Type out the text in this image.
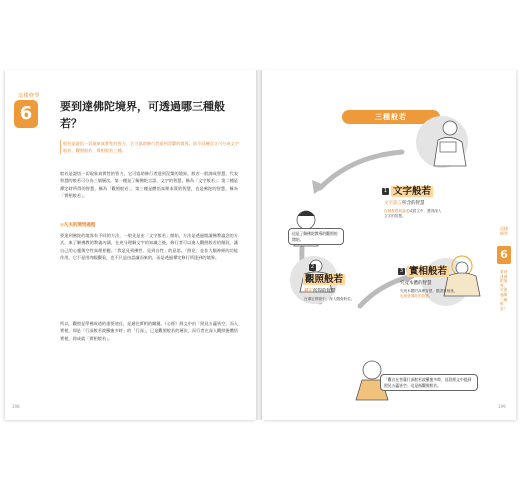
這樣修學
6	要到達佛陀境界，可透過哪三種般若？

般若是證悟一切現象真實性的智力，它可協助修行者達到涅槃的境界。依不同層次又可分成文字般若、觀照般若、實相般若三種。

般若是證悟一切現象真實性的智力，它可協助修行者達到涅槃的境界。般若一般譯成智慧，代表智慧的般若可分為三個層次，第一種是了解佛陀言語、文字的智慧，稱為「文字般若」；第二種是禪定時所得的智慧，稱為「觀照般若」；第三種是體悟真理本質的智慧，也是佛陀的智慧，稱為「實相般若」。

◎凡夫的開悟過程

要達到佛陀的境界有不同的方法，一般先是由「文字般若」開始，方法是透過閱讀佛教論念的方式，來了解佛教的教義內涵，在充分理解文字的知識之後，修行者可以進入觀照般若的階段，讓自己的心靈與空性真理相應。「我是見到佛性、見到自性」的意思。「照見」並非大腦神經的功能作用，它不是用肉眼觀看，也不只是由認識而來的，而是透過禪定修行所達到的境界。

所以，觀照是學佛成道的重要途徑，是通往實相的關鍵。《心經》經文中由「照見五蘊皆空」而入實相，即是「行深般若波羅蜜多時」的「行深」，已是觀照般若的層次，而行者在深入觀照後體悟實相，即成就「實相般若」。

198
三種般若
1 文字般若
文字語言所含的智慧
在佛教經典論述或經文中，獲得深入文字的智慧。
2
觀照般若
禪定所得的智慧
在禪定實踐中，深入體會般若。
3 實相般若
究竟本體的智慧
究竟本體的真理智慧，體證實相後，也就是佛陀的智慧。
這是了解佛陀教導的觀照的開始。
「觀自在菩薩行深般若波羅蜜多時，這段經文中提到照見五蘊皆空」這是指觀照般若。
這樣修學
6
要到達佛陀境界，可透過哪三種般若？
199
